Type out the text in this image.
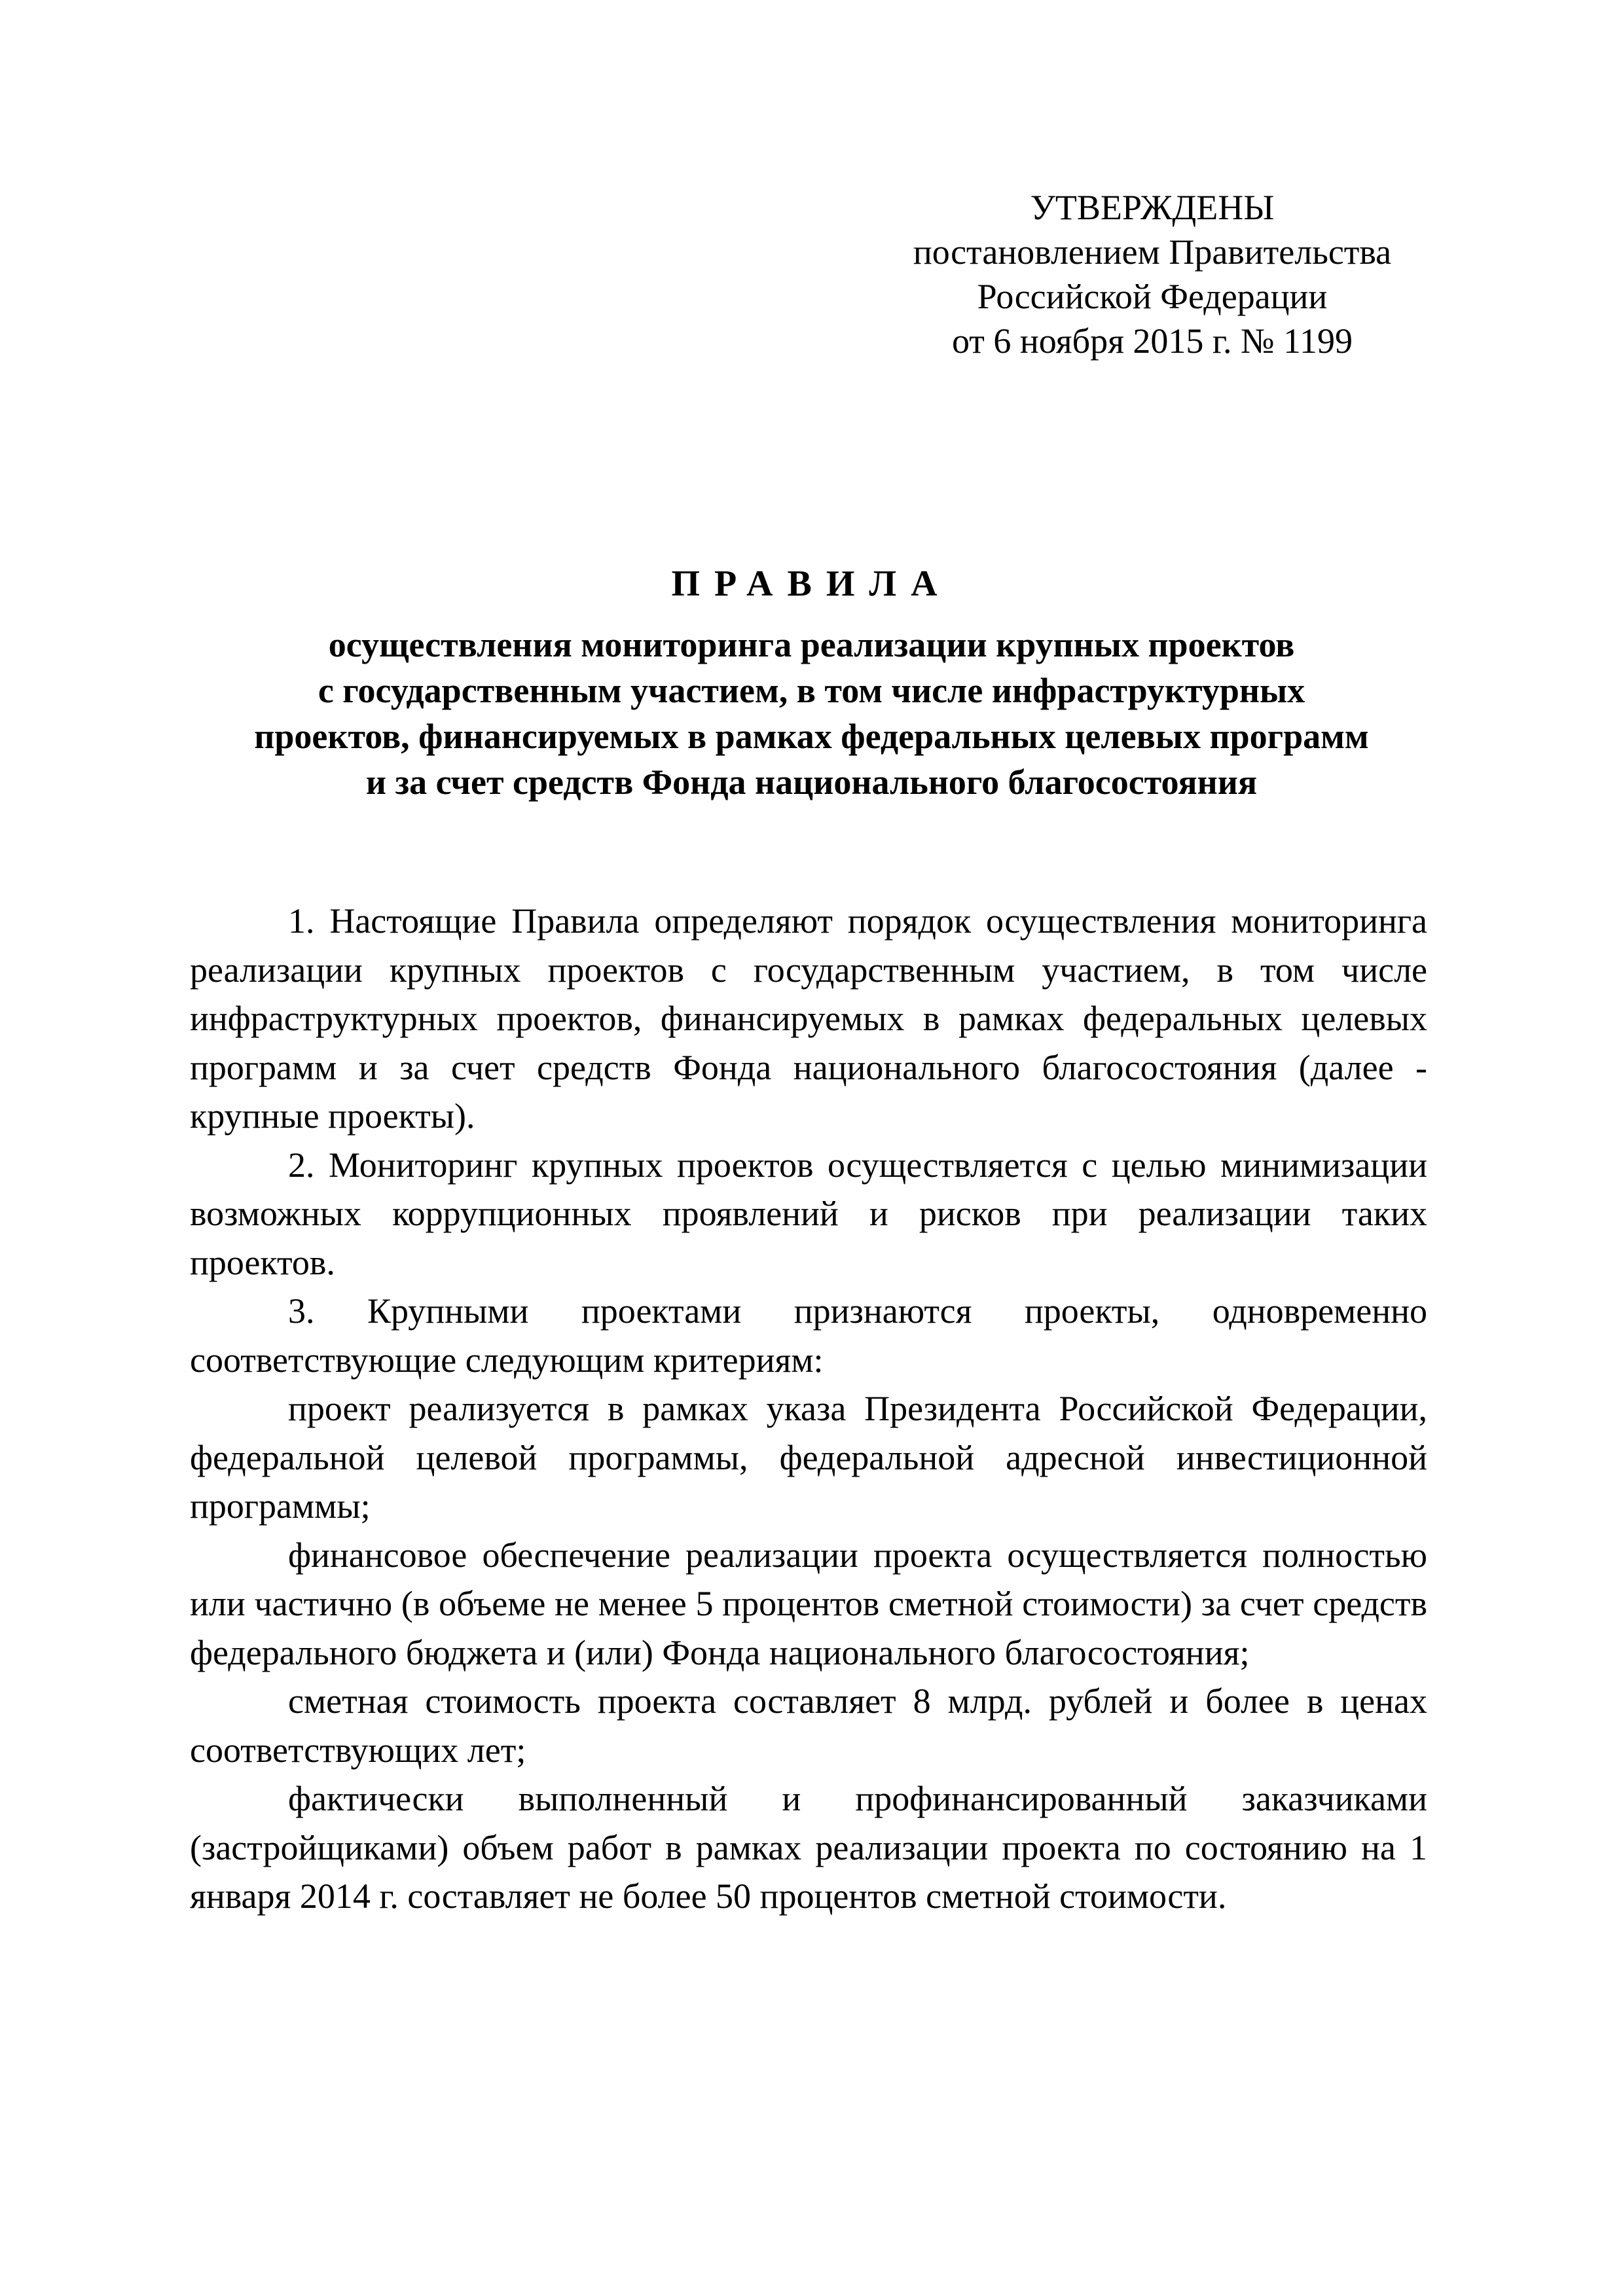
УТВЕРЖДЕНЫ
постановлением Правительства
Российской Федерации
от 6 ноября 2015 г. № 1199
ПРАВИЛА
осуществления мониторинга реализации крупных проектов
с государственным участием, в том числе инфраструктурных
проектов, финансируемых в рамках федеральных целевых программ
и за счет средств Фонда национального благосостояния

1. Настоящие Правила определяют порядок осуществления мониторинга реализации крупных проектов с государственным участием, в том числе инфраструктурных проектов, финансируемых в рамках федеральных целевых программ и за счет средств Фонда национального благосостояния (далее - крупные проекты).

2. Мониторинг крупных проектов осуществляется с целью минимизации возможных коррупционных проявлений и рисков при реализации таких проектов.

3. Крупными проектами признаются проекты, одновременно соответствующие следующим критериям:

проект реализуется в рамках указа Президента Российской Федерации, федеральной целевой программы, федеральной адресной инвестиционной программы;

финансовое обеспечение реализации проекта осуществляется полностью или частично (в объеме не менее 5 процентов сметной стоимости) за счет средств федерального бюджета и (или) Фонда национального благосостояния;

сметная стоимость проекта составляет 8 млрд. рублей и более в ценах соответствующих лет;

фактически выполненный и профинансированный заказчиками (застройщиками) объем работ в рамках реализации проекта по состоянию на 1 января 2014 г. составляет не более 50 процентов сметной стоимости.
